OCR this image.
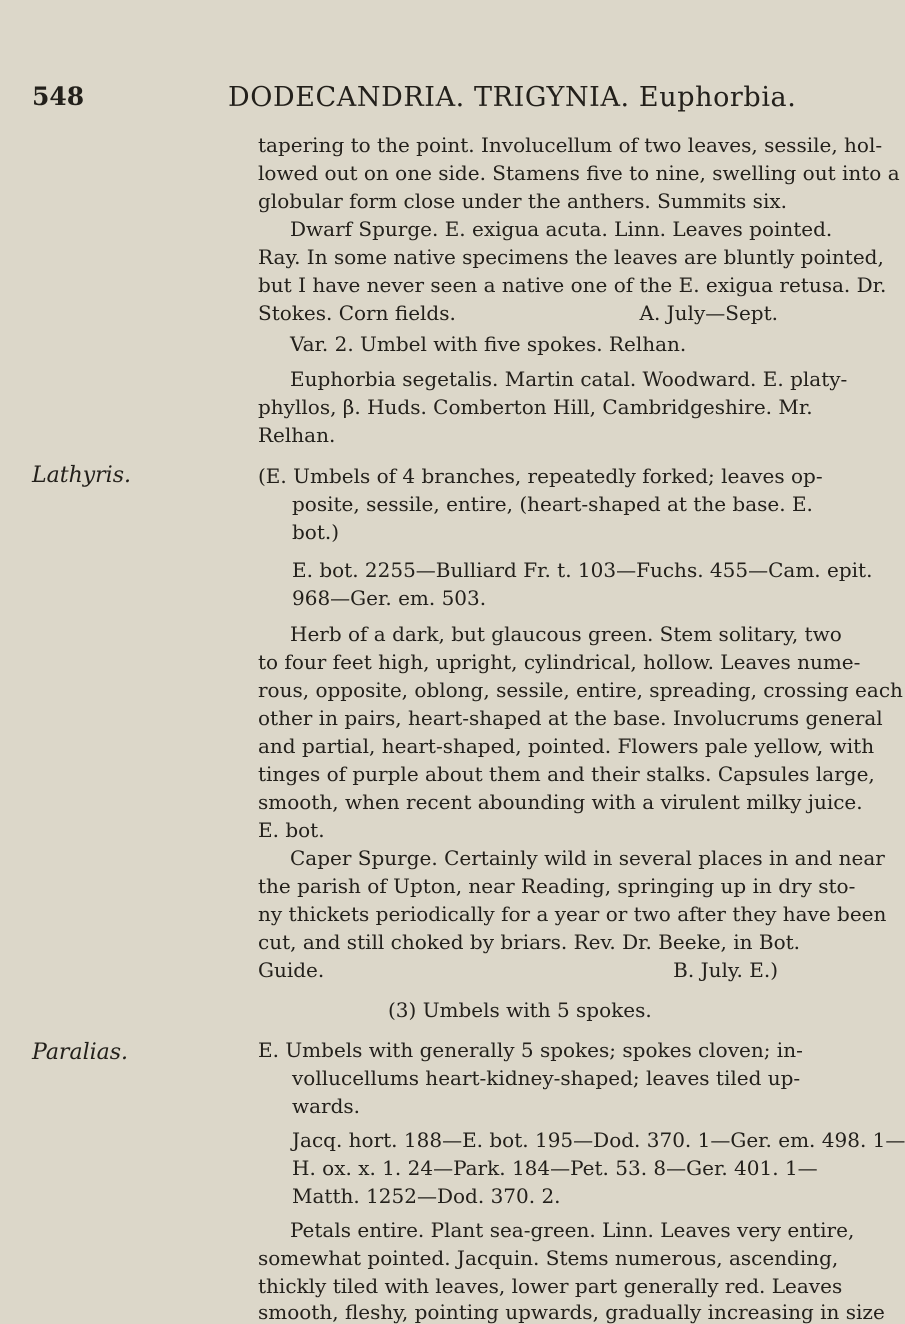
548	DODECANDRIA. TRIGYNIA. Euphorbia.
Lathyris.
Paralias.
tapering to the point. Involucellum of two leaves, sessile, hol-
lowed out on one side. Stamens five to nine, swelling out into a
globular form close under the anthers. Summits six.
Dwarf Spurge. E. exigua acuta. Linn. Leaves pointed.
Ray. In some native specimens the leaves are bluntly pointed,
but I have never seen a native one of the E. exigua retusa. Dr.
Stokes. Corn fields.	A. July—Sept.
Var. 2. Umbel with five spokes. Relhan.
Euphorbia segetalis. Martin catal. Woodward. E. platy-
phyllos, β. Huds. Comberton Hill, Cambridgeshire. Mr.
Relhan.
(E. Umbels of 4 branches, repeatedly forked; leaves op-
posite, sessile, entire, (heart-shaped at the base. E.
bot.)
E. bot. 2255—Bulliard Fr. t. 103—Fuchs. 455—Cam. epit.
968—Ger. em. 503.
Herb of a dark, but glaucous green. Stem solitary, two
to four feet high, upright, cylindrical, hollow. Leaves nume-
rous, opposite, oblong, sessile, entire, spreading, crossing each
other in pairs, heart-shaped at the base. Involucrums general
and partial, heart-shaped, pointed. Flowers pale yellow, with
tinges of purple about them and their stalks. Capsules large,
smooth, when recent abounding with a virulent milky juice.
E. bot.
Caper Spurge. Certainly wild in several places in and near
the parish of Upton, near Reading, springing up in dry sto-
ny thickets periodically for a year or two after they have been
cut, and still choked by briars. Rev. Dr. Beeke, in Bot.
Guide.	B. July. E.)
(3) Umbels with 5 spokes.
E. Umbels with generally 5 spokes; spokes cloven; in-
vollucellums heart-kidney-shaped; leaves tiled up-
wards.
Jacq. hort. 188—E. bot. 195—Dod. 370. 1—Ger. em. 498. 1—
H. ox. x. 1. 24—Park. 184—Pet. 53. 8—Ger. 401. 1—
Matth. 1252—Dod. 370. 2.
Petals entire. Plant sea-green. Linn. Leaves very entire,
somewhat pointed. Jacquin. Stems numerous, ascending,
thickly tiled with leaves, lower part generally red. Leaves
smooth, fleshy, pointing upwards, gradually increasing in size
